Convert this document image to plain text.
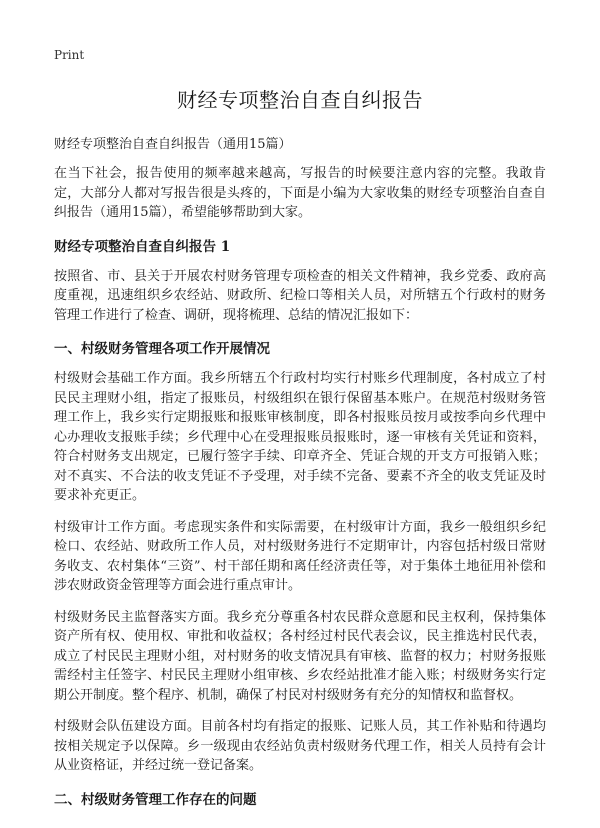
Print
财经专项整治自查自纠报告

财经专项整治自查自纠报告（通用15篇）

在当下社会，报告使用的频率越来越高，写报告的时候要注意内容的完整。我敢肯定，大部分人都对写报告很是头疼的，下面是小编为大家收集的财经专项整治自查自纠报告（通用15篇），希望能够帮助到大家。

财经专项整治自查自纠报告 1

按照省、市、县关于开展农村财务管理专项检查的相关文件精神，我乡党委、政府高度重视，迅速组织乡农经站、财政所、纪检口等相关人员，对所辖五个行政村的财务管理工作进行了检查、调研，现将梳理、总结的情况汇报如下：

一、村级财务管理各项工作开展情况

村级财会基础工作方面。我乡所辖五个行政村均实行村账乡代理制度，各村成立了村民民主理财小组，指定了报账员，村级组织在银行保留基本账户。在规范村级财务管理工作上，我乡实行定期报账和报账审核制度，即各村报账员按月或按季向乡代理中心办理收支报账手续；乡代理中心在受理报账员报账时，逐一审核有关凭证和资料，符合村财务支出规定，已履行签字手续、印章齐全、凭证合规的开支方可报销入账；对不真实、不合法的收支凭证不予受理，对手续不完备、要素不齐全的收支凭证及时要求补充更正。

村级审计工作方面。考虑现实条件和实际需要，在村级审计方面，我乡一般组织乡纪检口、农经站、财政所工作人员，对村级财务进行不定期审计，内容包括村级日常财务收支、农村集体“三资”、村干部任期和离任经济责任等，对于集体土地征用补偿和涉农财政资金管理等方面会进行重点审计。

村级财务民主监督落实方面。我乡充分尊重各村农民群众意愿和民主权利，保持集体资产所有权、使用权、审批和收益权；各村经过村民代表会议，民主推选村民代表，成立了村民民主理财小组，对村财务的收支情况具有审核、监督的权力；村财务报账需经村主任签字、村民民主理财小组审核、乡农经站批准才能入账；村级财务实行定期公开制度。整个程序、机制，确保了村民对村级财务有充分的知情权和监督权。

村级财会队伍建设方面。目前各村均有指定的报账、记账人员，其工作补贴和待遇均按相关规定予以保障。乡一级现由农经站负责村级财务代理工作，相关人员持有会计从业资格证，并经过统一登记备案。

二、村级财务管理工作存在的问题
